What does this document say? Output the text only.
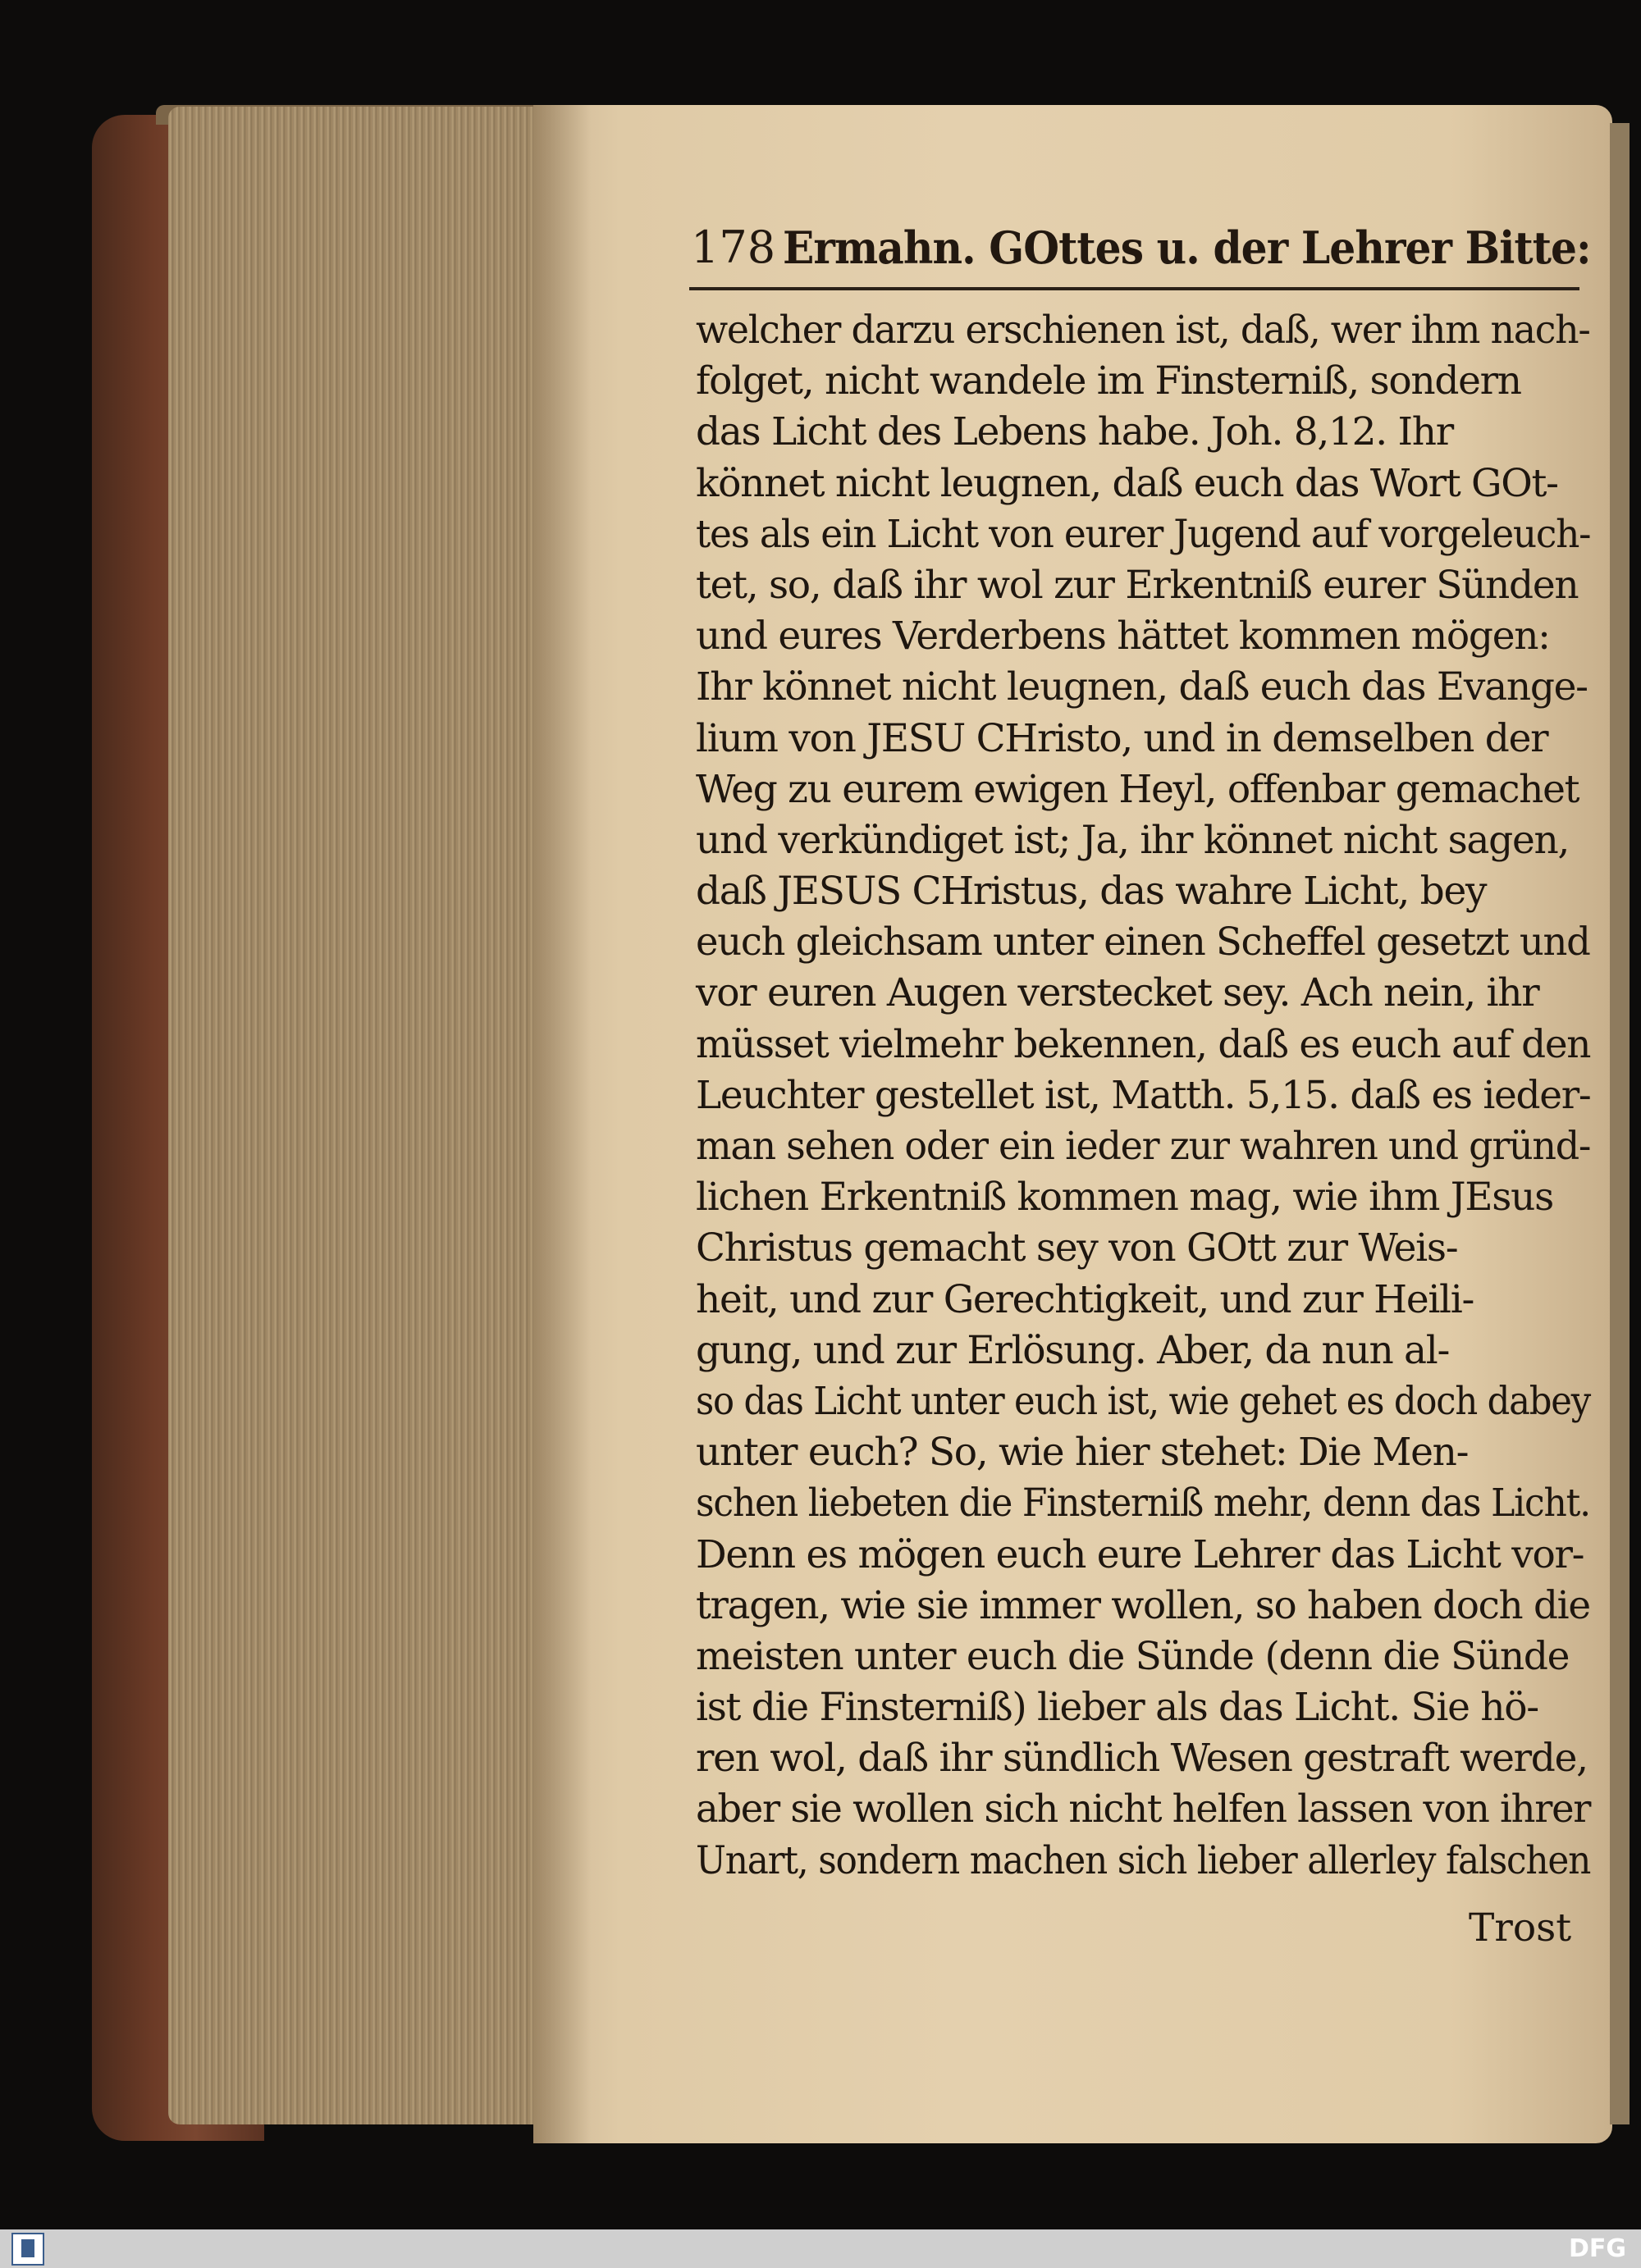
178 Ermahn. GOttes u. der Lehrer Bitte:
welcher darzu erschienen ist, daß, wer ihm nach-
folget, nicht wandele im Finsterniß, sondern
das Licht des Lebens habe. Joh. 8,12. Ihr
könnet nicht leugnen, daß euch das Wort GOt-
tes als ein Licht von eurer Jugend auf vorgeleuch-
tet, so, daß ihr wol zur Erkentniß eurer Sünden
und eures Verderbens hättet kommen mögen:
Ihr könnet nicht leugnen, daß euch das Evange-
lium von JESU CHristo, und in demselben der
Weg zu eurem ewigen Heyl, offenbar gemachet
und verkündiget ist; Ja, ihr könnet nicht sagen,
daß JESUS CHristus, das wahre Licht, bey
euch gleichsam unter einen Scheffel gesetzt und
vor euren Augen verstecket sey. Ach nein, ihr
müsset vielmehr bekennen, daß es euch auf den
Leuchter gestellet ist, Matth. 5,15. daß es ieder-
man sehen oder ein ieder zur wahren und gründ-
lichen Erkentniß kommen mag, wie ihm JEsus
Christus gemacht sey von GOtt zur Weis-
heit, und zur Gerechtigkeit, und zur Heili-
gung, und zur Erlösung. Aber, da nun al-
so das Licht unter euch ist, wie gehet es doch dabey
unter euch? So, wie hier stehet: Die Men-
schen liebeten die Finsterniß mehr, denn das Licht.
Denn es mögen euch eure Lehrer das Licht vor-
tragen, wie sie immer wollen, so haben doch die
meisten unter euch die Sünde (denn die Sünde
ist die Finsterniß) lieber als das Licht. Sie hö-
ren wol, daß ihr sündlich Wesen gestraft werde,
aber sie wollen sich nicht helfen lassen von ihrer
Unart, sondern machen sich lieber allerley falschen
Trost
DFG
